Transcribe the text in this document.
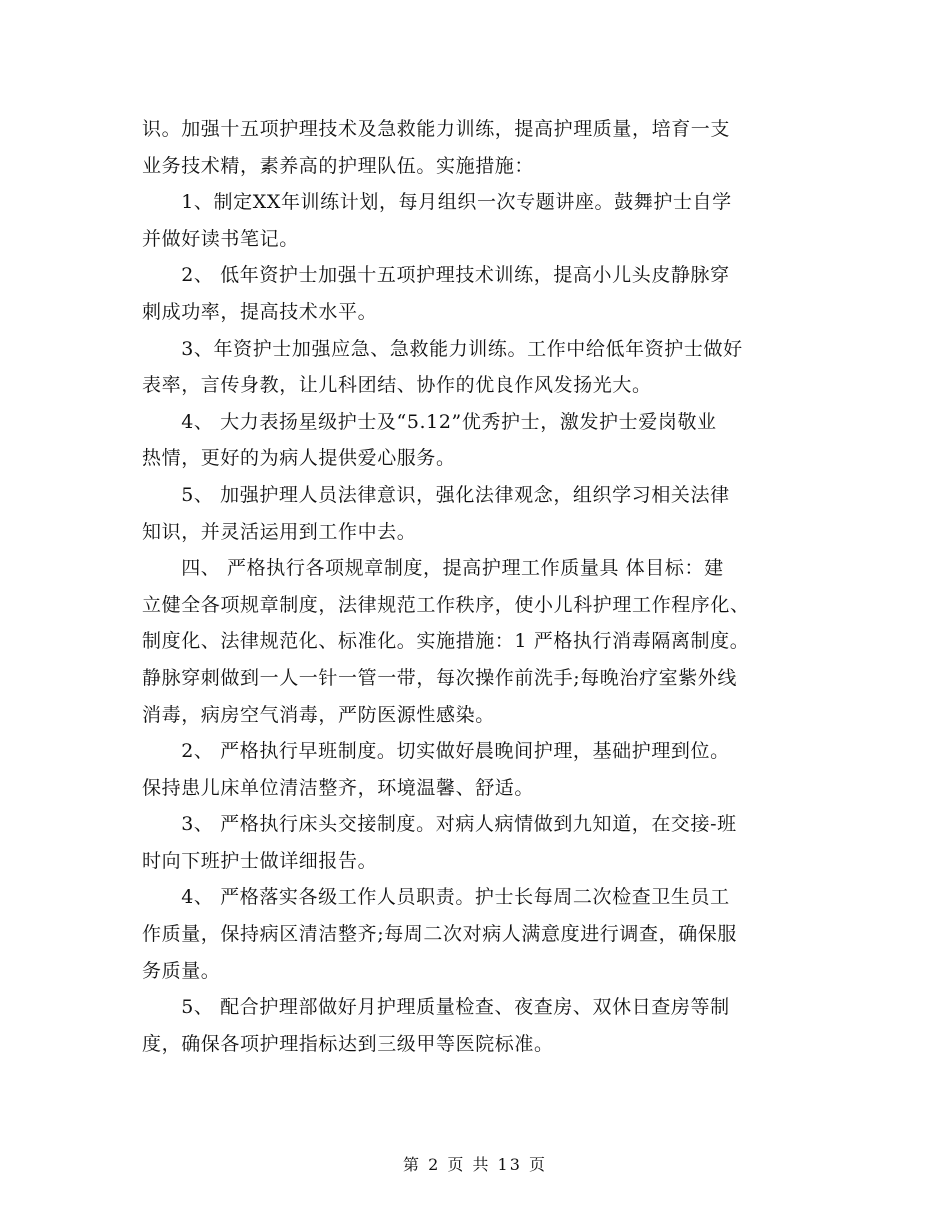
识。加强十五项护理技术及急救能力训练，提高护理质量，培育一支
业务技术精，素养高的护理队伍。实施措施：
　　1、制定XX年训练计划，每月组织一次专题讲座。鼓舞护士自学
并做好读书笔记。
　　2、 低年资护士加强十五项护理技术训练，提高小儿头皮静脉穿
刺成功率，提高技术水平。
　　3、年资护士加强应急、急救能力训练。工作中给低年资护士做好
表率，言传身教，让儿科团结、协作的优良作风发扬光大。
　　4、 大力表扬星级护士及“5.12”优秀护士，激发护士爱岗敬业
热情，更好的为病人提供爱心服务。
　　5、 加强护理人员法律意识，强化法律观念，组织学习相关法律
知识，并灵活运用到工作中去。
　　四、 严格执行各项规章制度，提高护理工作质量具 体目标：建
立健全各项规章制度，法律规范工作秩序，使小儿科护理工作程序化、
制度化、法律规范化、标准化。实施措施：1 严格执行消毒隔离制度。
静脉穿刺做到一人一针一管一带，每次操作前洗手;每晚治疗室紫外线
消毒，病房空气消毒，严防医源性感染。
　　2、 严格执行早班制度。切实做好晨晚间护理，基础护理到位。
保持患儿床单位清洁整齐，环境温馨、舒适。
　　3、 严格执行床头交接制度。对病人病情做到九知道，在交接-班
时向下班护士做详细报告。
　　4、 严格落实各级工作人员职责。护士长每周二次检查卫生员工
作质量，保持病区清洁整齐;每周二次对病人满意度进行调查，确保服
务质量。
　　5、 配合护理部做好月护理质量检查、夜查房、双休日查房等制
度，确保各项护理指标达到三级甲等医院标准。
第 2 页 共 13 页
